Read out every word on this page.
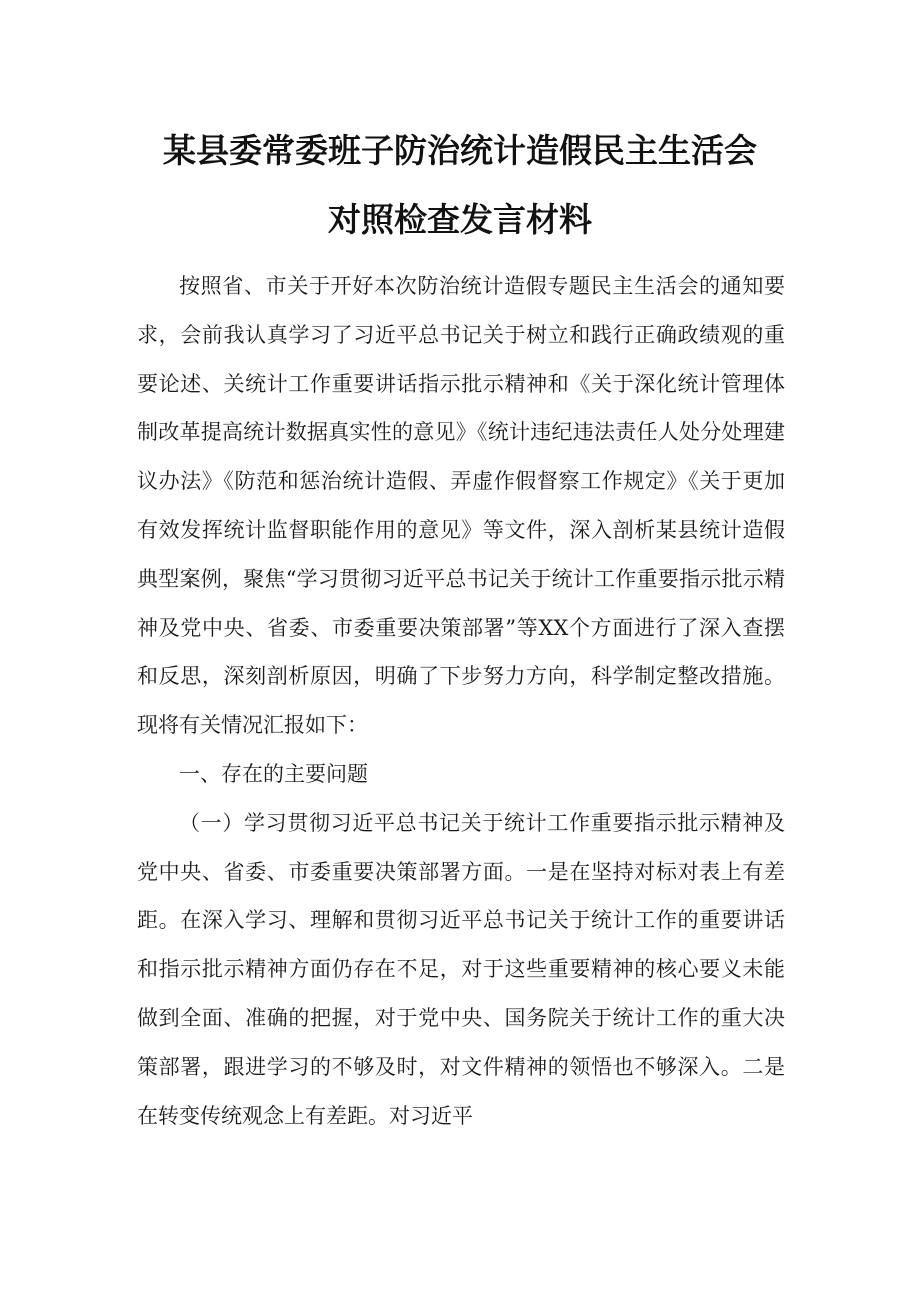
某县委常委班子防治统计造假民主生活会
对照检查发言材料

按照省、市关于开好本次防治统计造假专题民主生活会的通知要求，会前我认真学习了习近平总书记关于树立和践行正确政绩观的重要论述、关统计工作重要讲话指示批示精神和《关于深化统计管理体制改革提高统计数据真实性的意见》《统计违纪违法责任人处分处理建议办法》《防范和惩治统计造假、弄虚作假督察工作规定》《关于更加有效发挥统计监督职能作用的意见》等文件，深入剖析某县统计造假典型案例，聚焦“学习贯彻习近平总书记关于统计工作重要指示批示精神及党中央、省委、市委重要决策部署”等XX个方面进行了深入查摆和反思，深刻剖析原因，明确了下步努力方向，科学制定整改措施。现将有关情况汇报如下：

一、存在的主要问题

（一）学习贯彻习近平总书记关于统计工作重要指示批示精神及党中央、省委、市委重要决策部署方面。一是在坚持对标对表上有差距。在深入学习、理解和贯彻习近平总书记关于统计工作的重要讲话和指示批示精神方面仍存在不足，对于这些重要精神的核心要义未能做到全面、准确的把握，对于党中央、国务院关于统计工作的重大决策部署，跟进学习的不够及时，对文件精神的领悟也不够深入。二是在转变传统观念上有差距。对习近平
